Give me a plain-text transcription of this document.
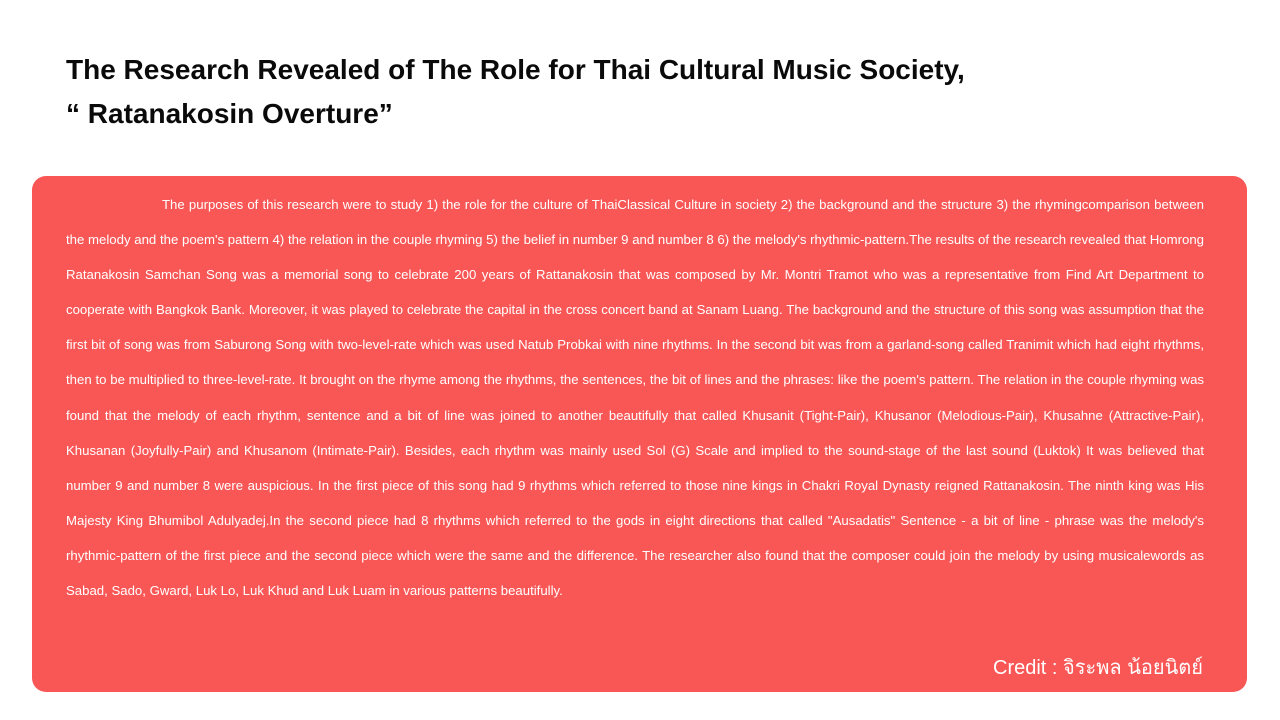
The Research Revealed of The Role for Thai Cultural Music Society,
“ Ratanakosin Overture”

The purposes of this research were to study 1) the role for the culture of ThaiClassical Culture in society 2) the background and the structure 3) the rhymingcomparison between the melody and the poem's pattern 4) the relation in the couple rhyming 5) the belief in number 9 and number 8 6) the melody's rhythmic-pattern.The results of the research revealed that Homrong Ratanakosin Samchan Song was a memorial song to celebrate 200 years of Rattanakosin that was composed by Mr. Montri Tramot who was a representative from Find Art Department to cooperate with Bangkok Bank. Moreover, it was played to celebrate the capital in the cross concert band at Sanam Luang. The background and the structure of this song was assumption that the first bit of song was from Saburong Song with two-level-rate which was used Natub Probkai with nine rhythms. In the second bit was from a garland-song called Tranimit which had eight rhythms, then to be multiplied to three-level-rate. It brought on the rhyme among the rhythms, the sentences, the bit of lines and the phrases: like the poem's pattern. The relation in the couple rhyming was found that the melody of each rhythm, sentence and a bit of line was joined to another beautifully that called Khusanit (Tight-Pair), Khusanor (Melodious-Pair), Khusahne (Attractive-Pair), Khusanan (Joyfully-Pair) and Khusanom (Intimate-Pair). Besides, each rhythm was mainly used Sol (G) Scale and implied to the sound-stage of the last sound (Luktok) It was believed that number 9 and number 8 were auspicious. In the first piece of this song had 9 rhythms which referred to those nine kings in Chakri Royal Dynasty reigned Rattanakosin. The ninth king was His Majesty King Bhumibol Adulyadej.In the second piece had 8 rhythms which referred to the gods in eight directions that called "Ausadatis" Sentence - a bit of line - phrase was the melody's rhythmic-pattern of the first piece and the second piece which were the same and the difference. The researcher also found that the composer could join the melody by using musicalewords as Sabad, Sado, Gward, Luk Lo, Luk Khud and Luk Luam in various patterns beautifully.

Credit : จิระพล น้อยนิตย์
